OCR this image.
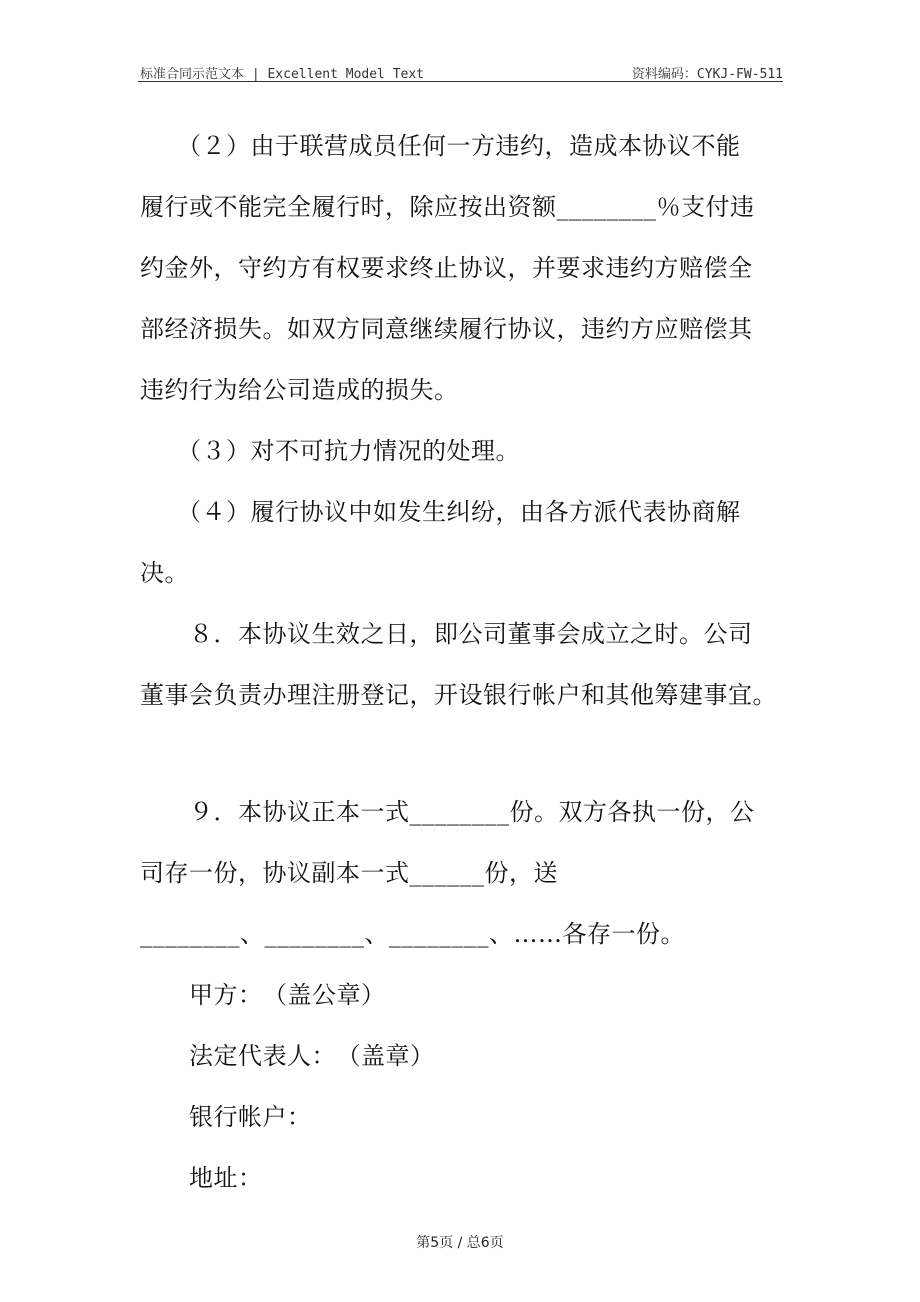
标准合同示范文本 | Excellent Model Text	资料编码：CYKJ-FW-511
　　（２）由于联营成员任何一方违约，造成本协议不能
履行或不能完全履行时，除应按出资额________％支付违
约金外，守约方有权要求终止协议，并要求违约方赔偿全
部经济损失。如双方同意继续履行协议，违约方应赔偿其
违约行为给公司造成的损失。
　　（３）对不可抗力情况的处理。
　　（４）履行协议中如发生纠纷，由各方派代表协商解
决。
　　８．本协议生效之日，即公司董事会成立之时。公司
董事会负责办理注册登记，开设银行帐户和其他筹建事宜。
　　９．本协议正本一式________份。双方各执一份，公
司存一份，协议副本一式______份，送
________、________、________、……各存一份。
　　甲方：　（盖公章）
　　法定代表人：　（盖章）
　　银行帐户：
　　地址：
第5页 / 总6页
